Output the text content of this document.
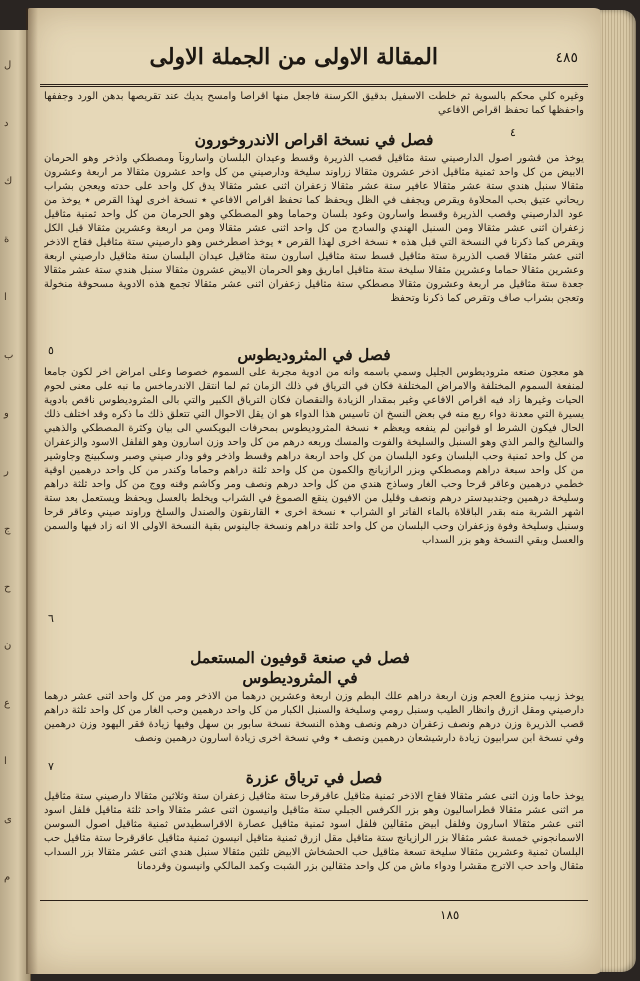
ل
د
ك
ة
ا
ب
و
ر
ج
ح
ن
ع
ا
ى
م
المقالة الاولى من الجملة الاولى	٤٨٥
وغيره كلي محكم بالسوية ثم خلطت الاسفيل بدقيق الكرسنة فاجعل منها اقراصا وامسح يديك عند تقريصها بدهن الورد وجففها واحفظها كما تحفظ اقراص الافاعي
٤
فصل في نسخة اقراص الاندروخورون
يوخذ من قشور اصول الدارصيني ستة مثاقيل قصب الذريرة وقسط وعيدان البلسان واساروناً ومصطكي واذخر وهو الحرمان الابيض من كل واحد ثمنية مثاقيل اذخر عشرون مثقالا زراوند سليخة ودارصيني من كل واحد عشرون مثقالا مر اربعة وعشرون مثقالا سنبل هندي ستة عشر مثقالا عافير ستة عشر مثقالا زعفران اثنى عشر مثقالا يدق كل واحد على حدته ويعجن بشراب ريحاني عتيق بحب المحلاوة ويقرص ويجفف في الظل ويحفظ كما تحفظ اقراص الافاعي ٭ نسخة اخرى لهذا القرص ٭ يوخذ من عود الدارصيني وقصب الذريرة وقسط واسارون وعود بلسان وحماما وهو المصطكي وهو الحرمان من كل واحد ثمنية مثاقيل زعفران اثنى عشر مثقالا ومن السنبل الهندي والسادج من كل واحد اثنى عشر مثقالا ومن مر اربعة وعشرين مثقالا قبل الكل ويقرص كما ذكرنا في النسخة التي قبل هذه ٭ نسخة اخرى لهذا القرص ٭ يوخذ اصطرخس وهو دارصيني ستة مثاقيل فقاح الاذخر اثنى عشر مثقالا قصب الذريرة ستة مثاقيل قسط ستة مثاقيل اسارون ستة مثاقيل عيدان البلسان ستة مثاقيل دارصيني اربعة وعشرين مثقالا حماما وعشرين مثقالا سليخة ستة مثاقيل اماريق وهو الحرمان الابيض عشرون مثقالا سنبل هندي ستة عشر مثقالا جعدة ستة مثاقيل مر اربعة وعشرون مثقالا مصطكي ستة مثاقيل زعفران اثنى عشر مثقالا تجمع هذه الادوية مسحوقة منخولة وتعجن بشراب صاف وتقرص كما ذكرنا وتحفظ
٥	فصل في المثروديطوس
هو معجون صنعه مثروديطوس الجليل وسمي باسمه وانه من ادوية مجربة على السموم خصوصا وعلى امراض اخر لكون جامعا لمنفعة السموم المختلفة والامراض المختلفة فكان في الترياق في ذلك الزمان ثم لما انتقل الاندرماخس ما نبه على معنى لحوم الحيات وغيرها زاد فيه اقراص الافاعي وغير بمقدار الزيادة والنقصان فكان الترياق الكبير والتي بالى المثروديطوس ناقص بادوية يسيرة التي معدنة دواء ربع منه في بعض النسخ ان تاسيس هذا الدواء هو ان يقل الاحوال التي تتعلق ذلك ما ذكره وقد اختلف ذلك الحال فيكون الشرط او قوانين لم ينفعه ويعظم ٭ نسخة المثروديطوس بمحرفات البويكسي الى بيان وكثرة المصطكي والذهبي والساليخ والمر الذي وهو السنبل والسليخة والفوت والمسك وربعه درهم من كل واحد وزن اسارون وهو الفلفل الاسود والزعفران من كل واحد ثمنية وحب البلسان وعود البلسان من كل واحد اربعة دراهم وقسط واذخر وفو ودار صيني وصبر وسكبينج وجاوشير من كل واحد سبعة دراهم ومصطكي وبزر الرازيانج والكمون من كل واحد ثلثة دراهم وحماما وكندر من كل واحد درهمين اوقية خطمي درهمين وعاقر قرحا وحب الغار وساذج هندي من كل واحد درهم ونصف ومر وكاشم وقنه ووج من كل واحد ثلثة دراهم وسليخة درهمين وجندبيدستر درهم ونصف وقليل من الافيون ينقع الصموغ في الشراب ويخلط بالعسل ويحفظ ويستعمل بعد ستة اشهر الشربة منه بقدر الباقلاة بالماء الفاتر او الشراب ٭ نسخة اخرى ٭ القارنقون والصندل والسلخ وراوند صيني وعاقر قرحا وسنبل وسليخة وفوة وزعفران وحب البلسان من كل واحد ثلثة دراهم ونسخة جالينوس بقية النسخة الاولى الا انه زاد فيها والسمن والعسل وبقي النسخة وهو بزر السداب
٦
فصل في صنعة قوفيون المستعمل في المثروديطوس
يوخذ زبيب منزوع العجم وزن اربعة دراهم علك البطم وزن اربعة وعشرين درهما من الاذخر ومر من كل واحد اثنى عشر درهما دارصيني ومقل ازرق وانظار الطيب وسنبل رومي وسليخة والسنبل الكبار من كل واحد درهمين وحب الغار من كل واحد ثلثة دراهم قصب الذريرة وزن درهم ونصف زعفران درهم ونصف وهذه النسخة نسخة سابور بن سهل وفيها زيادة فقر اليهود وزن درهمين وفي نسخة ابن سرابيون زيادة دارشيشعان درهمين ونصف ٭ وفي نسخة اخرى زيادة اسارون درهمين ونصف
٧
فصل في ترياق عزرة
يوخذ حاما وزن اثنى عشر مثقالا فقاح الاذخر ثمنية مثاقيل عاقرقرحا ستة مثاقيل زعفران ستة وثلاثين مثقالا دارصيني ستة مثاقيل مر اثنى عشر مثقالا قطراساليون وهو بزر الكرفس الجبلي ستة مثاقيل وانيسون اثنى عشر مثقالا واحد ثلثة مثاقيل فلفل اسود اثنى عشر مثقالا اسارون وفلفل ابيض مثقالين فلفل اسود ثمنية مثاقيل عصارة الاقراسطيدس ثمنية مثاقيل اصول السوسن الاسمانجوني خمسة عشر مثقالا بزر الرازيانج ستة مثاقيل مقل ازرق ثمنية مثاقيل انيسون ثمنية مثاقيل عاقرقرحا ستة مثاقيل حب البلسان ثمنية وعشرين مثقالا سليخة تسعة مثاقيل حب الحشخاش الابيض ثلثين مثقالا سنبل هندي اثنى عشر مثقالا بزر السداب مثقال واحد حب الاترج مقشرا ودواء ماش من كل واحد مثقالين بزر الشبت وكمد المالكي وانيسون وقردمانا
١٨٥
